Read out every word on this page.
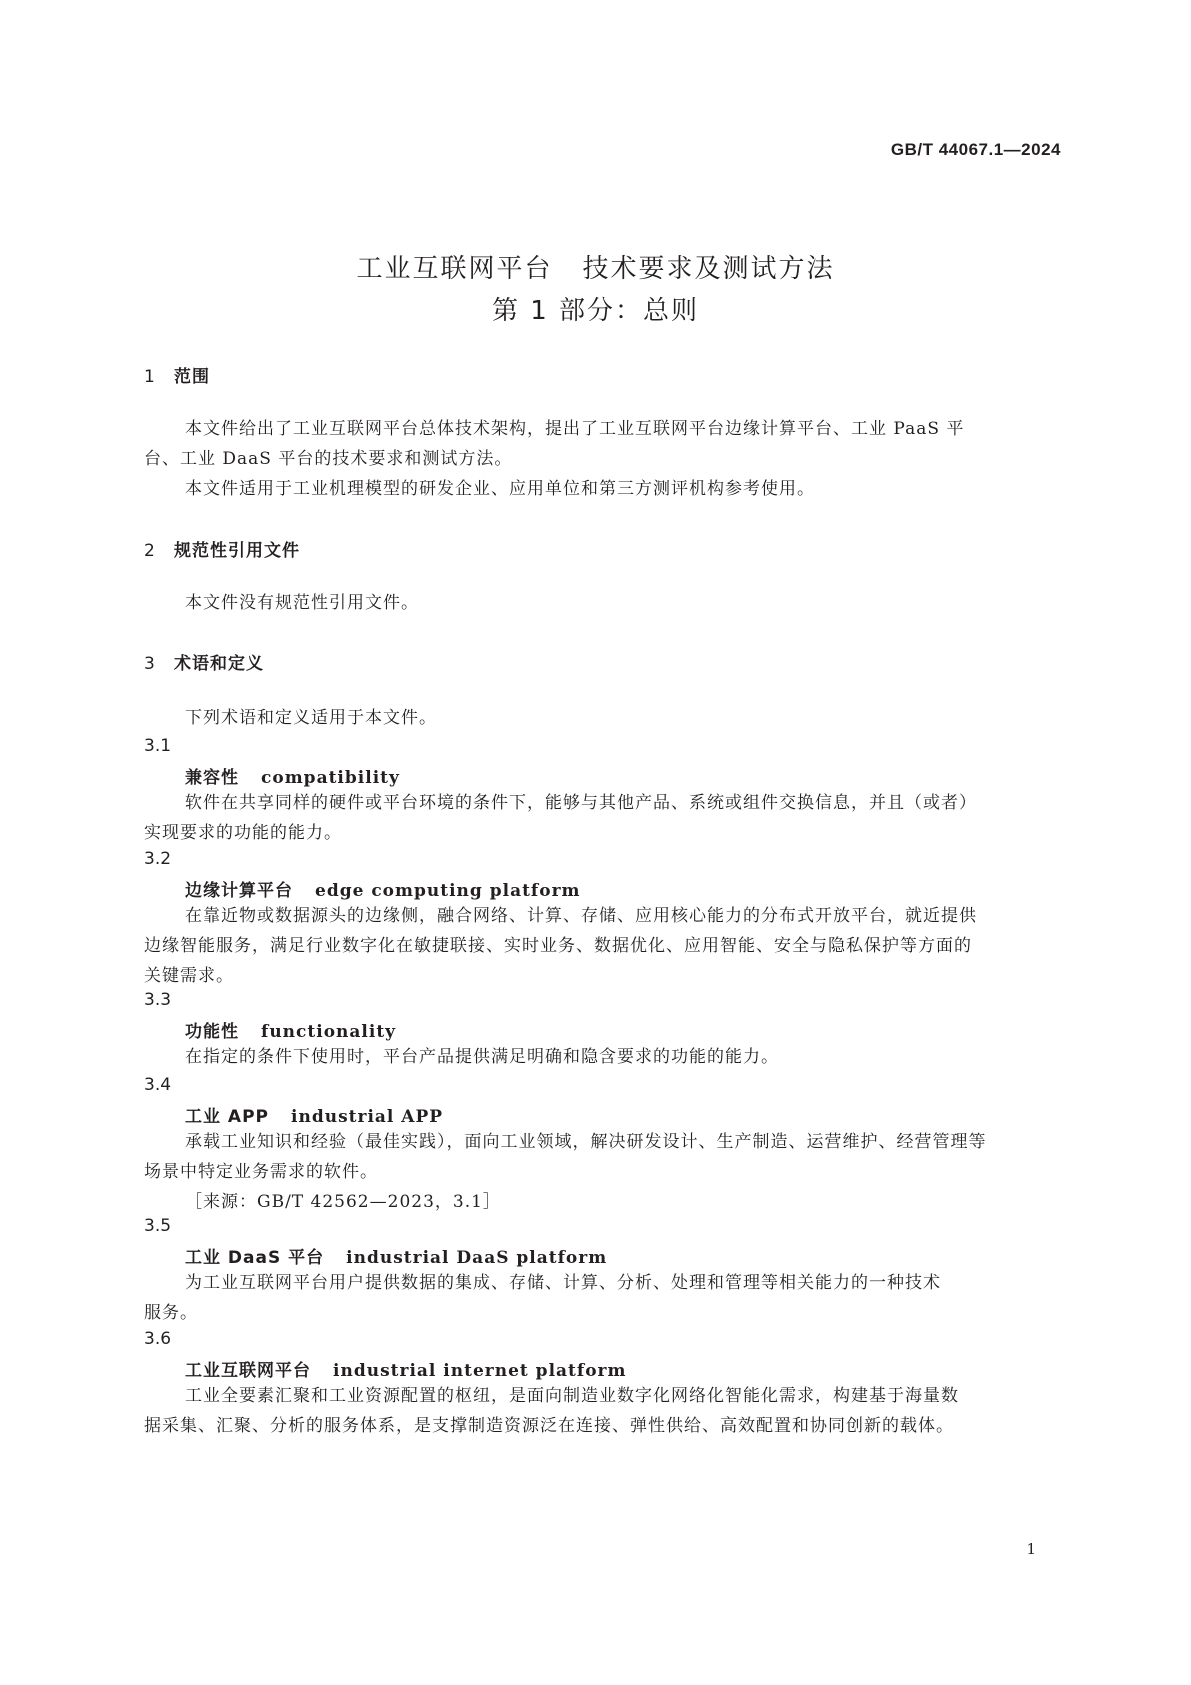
GB/T 44067.1—2024
工业互联网平台 技术要求及测试方法
第 1 部分：总则
1 范围
本文件给出了工业互联网平台总体技术架构，提出了工业互联网平台边缘计算平台、工业 PaaS 平
台、工业 DaaS 平台的技术要求和测试方法。
本文件适用于工业机理模型的研发企业、应用单位和第三方测评机构参考使用。
2 规范性引用文件
本文件没有规范性引用文件。
3 术语和定义
下列术语和定义适用于本文件。
3.1
兼容性 compatibility
软件在共享同样的硬件或平台环境的条件下，能够与其他产品、系统或组件交换信息，并且（或者）
实现要求的功能的能力。
3.2
边缘计算平台 edge computing platform
在靠近物或数据源头的边缘侧，融合网络、计算、存储、应用核心能力的分布式开放平台，就近提供
边缘智能服务，满足行业数字化在敏捷联接、实时业务、数据优化、应用智能、安全与隐私保护等方面的
关键需求。
3.3
功能性 functionality
在指定的条件下使用时，平台产品提供满足明确和隐含要求的功能的能力。
3.4
工业 APP industrial APP
承载工业知识和经验（最佳实践），面向工业领域，解决研发设计、生产制造、运营维护、经营管理等
场景中特定业务需求的软件。
［来源：GB/T 42562—2023，3.1］
3.5
工业 DaaS 平台 industrial DaaS platform
为工业互联网平台用户提供数据的集成、存储、计算、分析、处理和管理等相关能力的一种技术
服务。
3.6
工业互联网平台 industrial internet platform
工业全要素汇聚和工业资源配置的枢纽，是面向制造业数字化网络化智能化需求，构建基于海量数
据采集、汇聚、分析的服务体系，是支撑制造资源泛在连接、弹性供给、高效配置和协同创新的载体。
1
